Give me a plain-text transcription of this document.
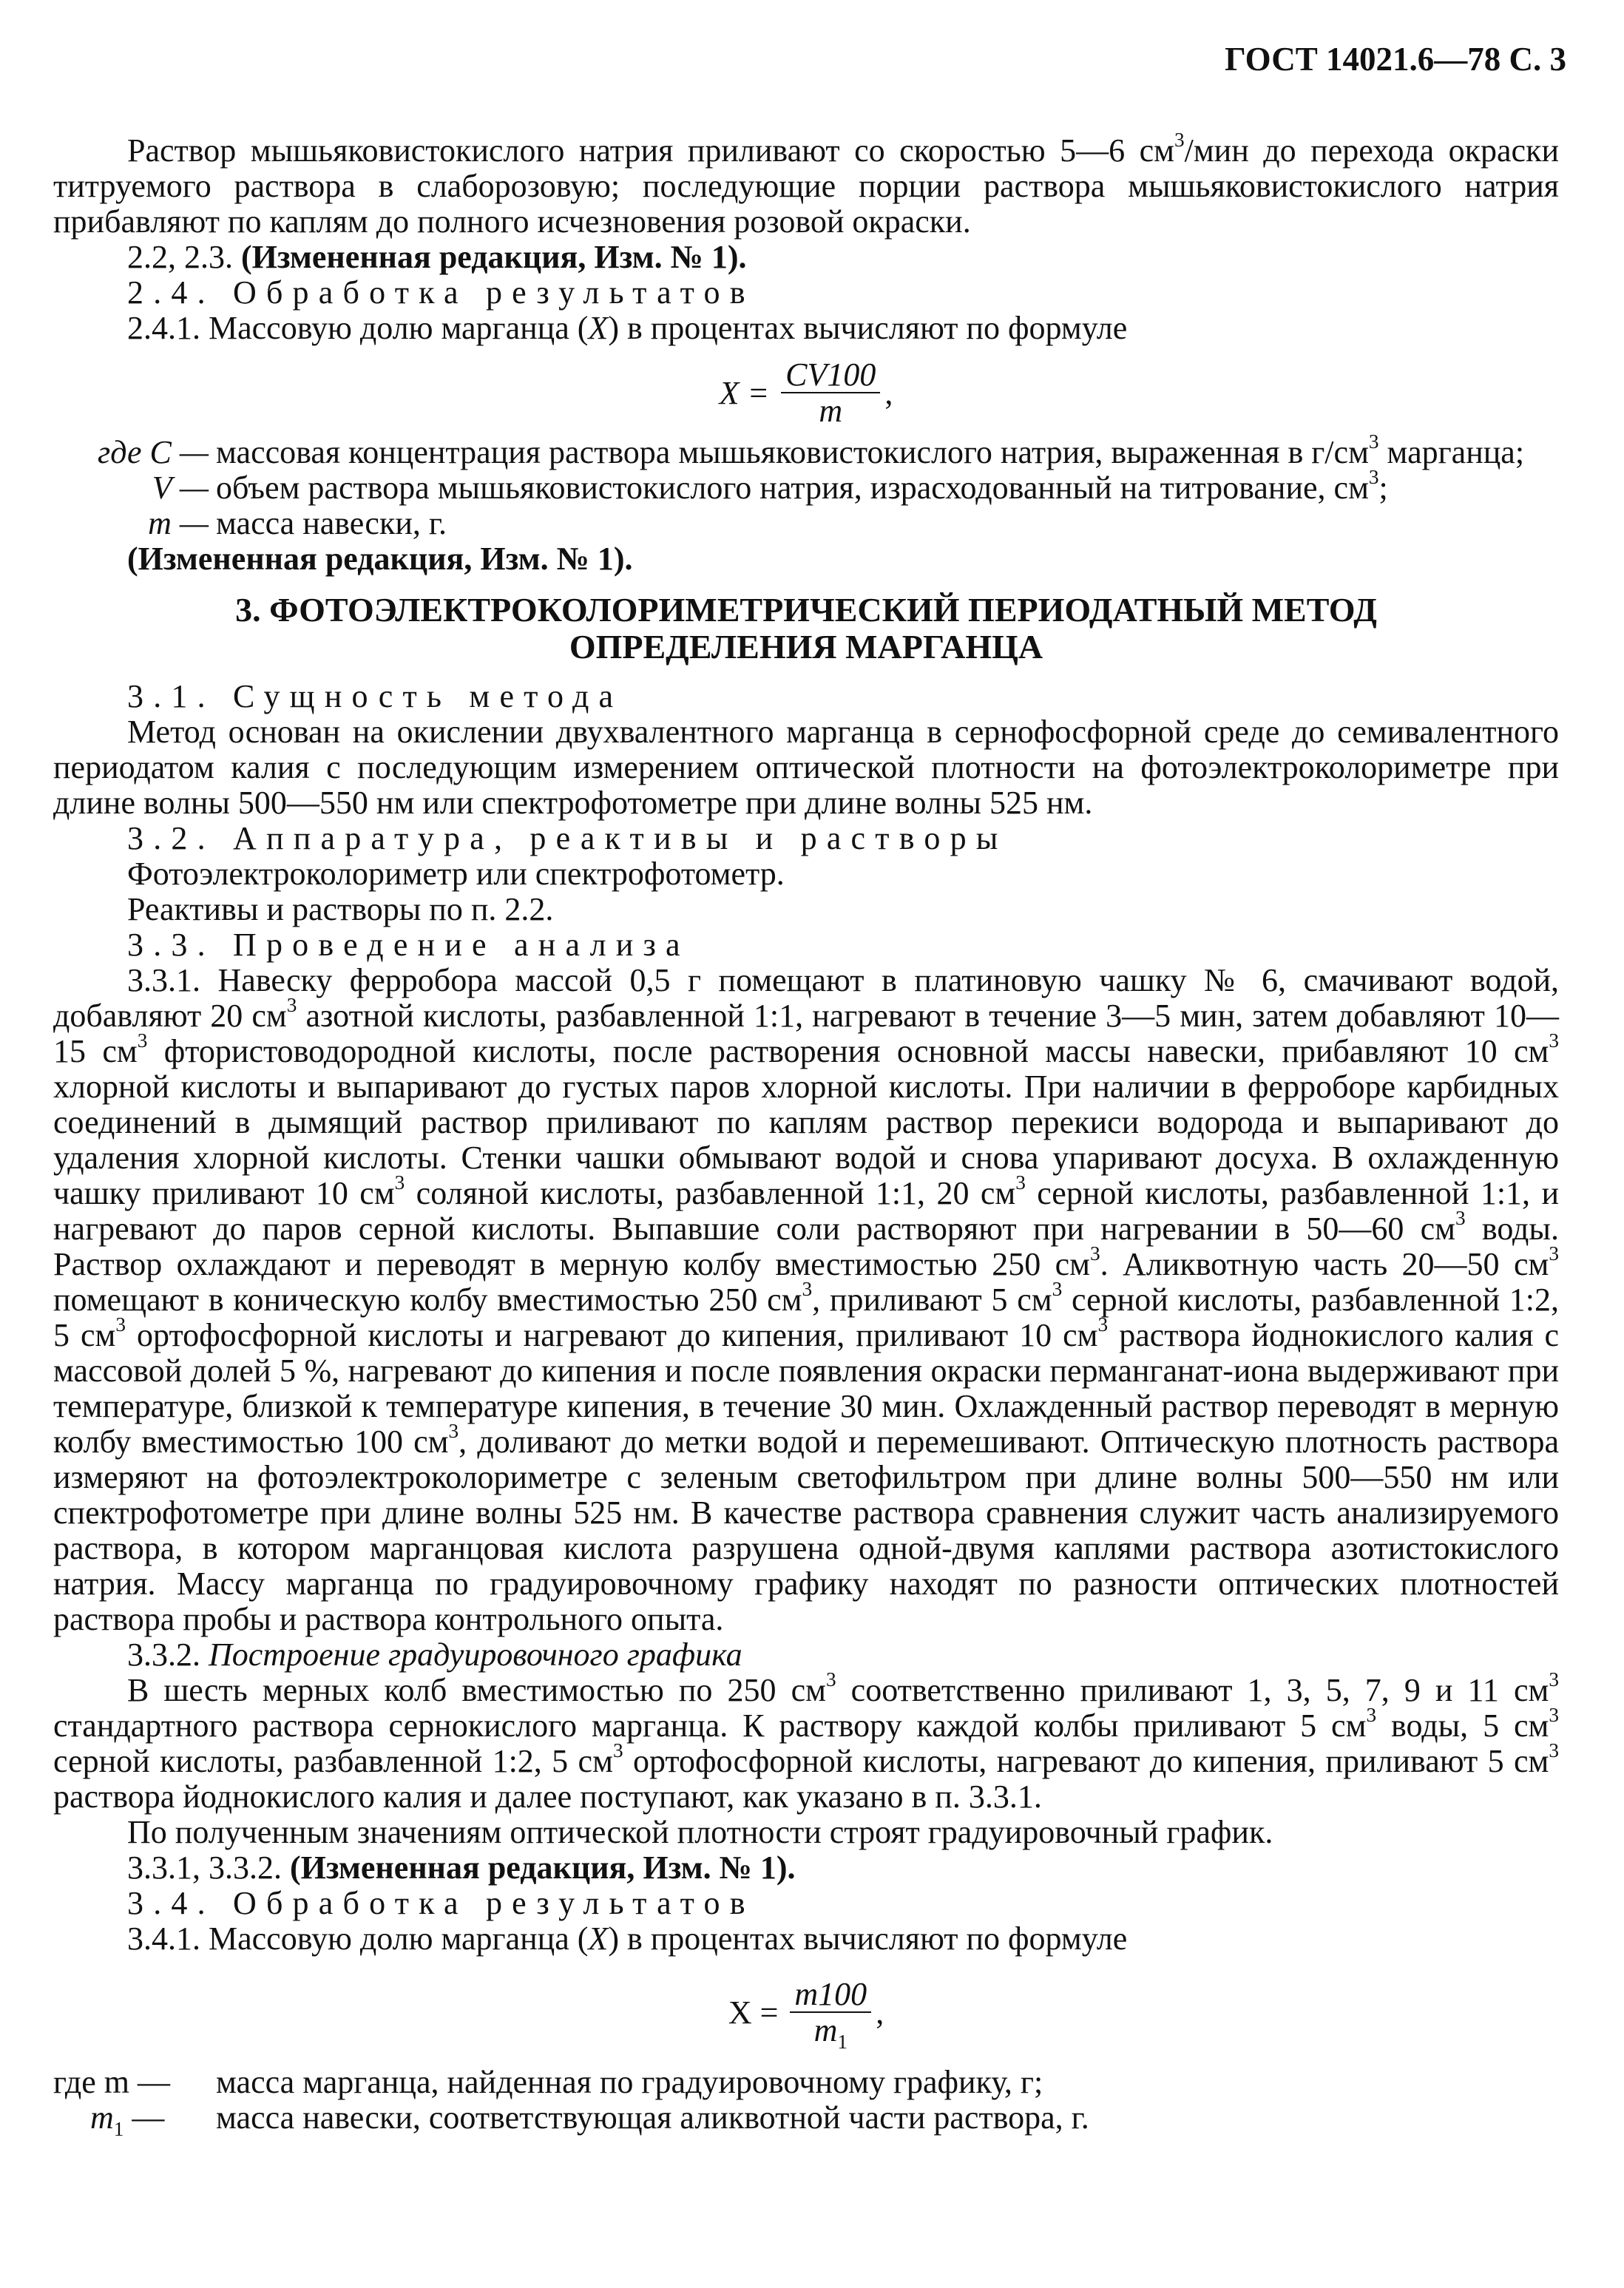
ГОСТ 14021.6—78 С. 3

Раствор мышьяковистокислого натрия приливают со скоростью 5—6 $см^3$/мин до перехода окраски титруемого раствора в слаборозовую; последующие порции раствора мышьяковистокислого натрия прибавляют по каплям до полного исчезновения розовой окраски.

2.2, 2.3. (Измененная редакция, Изм. № 1).

2.4. Обработка результатов

2.4.1. Массовую долю марганца (X) в процентах вычисляют по формуле

$X = \frac{CV100}{m}$ ,
где C — массовая концентрация раствора мышьяковистокислого натрия, выраженная в $г/см^3$ марганца;
V — объем раствора мышьяковистокислого натрия, израсходованный на титрование, $см^3$;
m — масса навески, г.

(Измененная редакция, Изм. № 1).

3. ФОТОЭЛЕКТРОКОЛОРИМЕТРИЧЕСКИЙ ПЕРИОДАТНЫЙ МЕТОД
ОПРЕДЕЛЕНИЯ МАРГАНЦА

3.1. Сущность метода

Метод основан на окислении двухвалентного марганца в сернофосфорной среде до семивалентного периодатом калия с последующим измерением оптической плотности на фотоэлектроколориметре при длине волны 500—550 нм или спектрофотометре при длине волны 525 нм.

3.2. Аппаратура, реактивы и растворы

Фотоэлектроколориметр или спектрофотометр.

Реактивы и растворы по п. 2.2.

3.3. Проведение анализа

3.3.1. Навеску ферробора массой 0,5 г помещают в платиновую чашку № 6, смачивают водой, добавляют 20 $см^3$ азотной кислоты, разбавленной 1:1, нагревают в течение 3—5 мин, затем добавляют 10—15 $см^3$ фтористоводородной кислоты, после растворения основной массы навески, прибавляют 10 $см^3$ хлорной кислоты и выпаривают до густых паров хлорной кислоты. При наличии в ферроборе карбидных соединений в дымящий раствор приливают по каплям раствор перекиси водорода и выпаривают до удаления хлорной кислоты. Стенки чашки обмывают водой и снова упаривают досуха. В охлажденную чашку приливают 10 $см^3$ соляной кислоты, разбавленной 1:1, 20 $см^3$ серной кислоты, разбавленной 1:1, и нагревают до паров серной кислоты. Выпавшие соли растворяют при нагревании в 50—60 $см^3$ воды. Раствор охлаждают и переводят в мерную колбу вместимостью 250 $см^3$. Аликвотную часть 20—50 $см^3$ помещают в коническую колбу вместимостью 250 $см^3$, приливают 5 $см^3$ серной кислоты, разбавленной 1:2, 5 $см^3$ ортофосфорной кислоты и нагревают до кипения, приливают 10 $см^3$ раствора йоднокислого калия с массовой долей 5 %, нагревают до кипения и после появления окраски перманганат-иона выдерживают при температуре, близкой к температуре кипения, в течение 30 мин. Охлажденный раствор переводят в мерную колбу вместимостью 100 $см^3$, доливают до метки водой и перемешивают. Оптическую плотность раствора измеряют на фотоэлектроколориметре с зеленым светофильтром при длине волны 500—550 нм или спектрофотометре при длине волны 525 нм. В качестве раствора сравнения служит часть анализируемого раствора, в котором марганцовая кислота разрушена одной-двумя каплями раствора азотистокислого натрия. Массу марганца по градуировочному графику находят по разности оптических плотностей раствора пробы и раствора контрольного опыта.

3.3.2. Построение градуировочного графика

В шесть мерных колб вместимостью по 250 $см^3$ соответственно приливают 1, 3, 5, 7, 9 и 11 $см^3$ стандартного раствора сернокислого марганца. К раствору каждой колбы приливают 5 $см^3$ воды, 5 $см^3$ серной кислоты, разбавленной 1:2, 5 $см^3$ ортофосфорной кислоты, нагревают до кипения, приливают 5 $см^3$ раствора йоднокислого калия и далее поступают, как указано в п. 3.3.1.

По полученным значениям оптической плотности строят градуировочный график.

3.3.1, 3.3.2. (Измененная редакция, Изм. № 1).

3.4. Обработка результатов

3.4.1. Массовую долю марганца (X) в процентах вычисляют по формуле

$X = \frac{m100}{m_1}$ ,
где m —	масса марганца, найденная по градуировочному графику, г;
$m_1$ —	масса навески, соответствующая аликвотной части раствора, г.
